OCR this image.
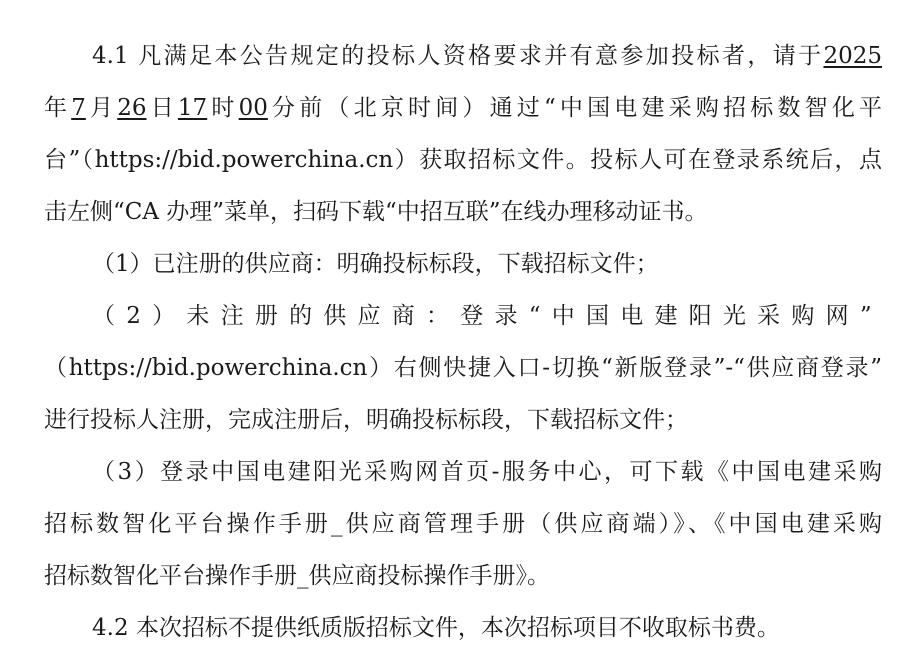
4.1 凡满足本公告规定的投标人资格要求并有意参加投标者，请于2025
年7月26日17时00分前（北京时间）通过“中国电建采购招标数智化平
台”（https://bid.powerchina.cn）获取招标文件。投标人可在登录系统后，点
击左侧“CA 办理”菜单，扫码下载“中招互联”在线办理移动证书。
（1）已注册的供应商：明确投标标段，下载招标文件；
（2）未注册的供应商：登录“中国电建阳光采购网”
（https://bid.powerchina.cn）右侧快捷入口-切换“新版登录”-“供应商登录”
进行投标人注册，完成注册后，明确投标标段，下载招标文件；
（3）登录中国电建阳光采购网首页-服务中心，可下载《中国电建采购
招标数智化平台操作手册_供应商管理手册（供应商端）》、《中国电建采购
招标数智化平台操作手册_供应商投标操作手册》。
4.2 本次招标不提供纸质版招标文件，本次招标项目不收取标书费。
